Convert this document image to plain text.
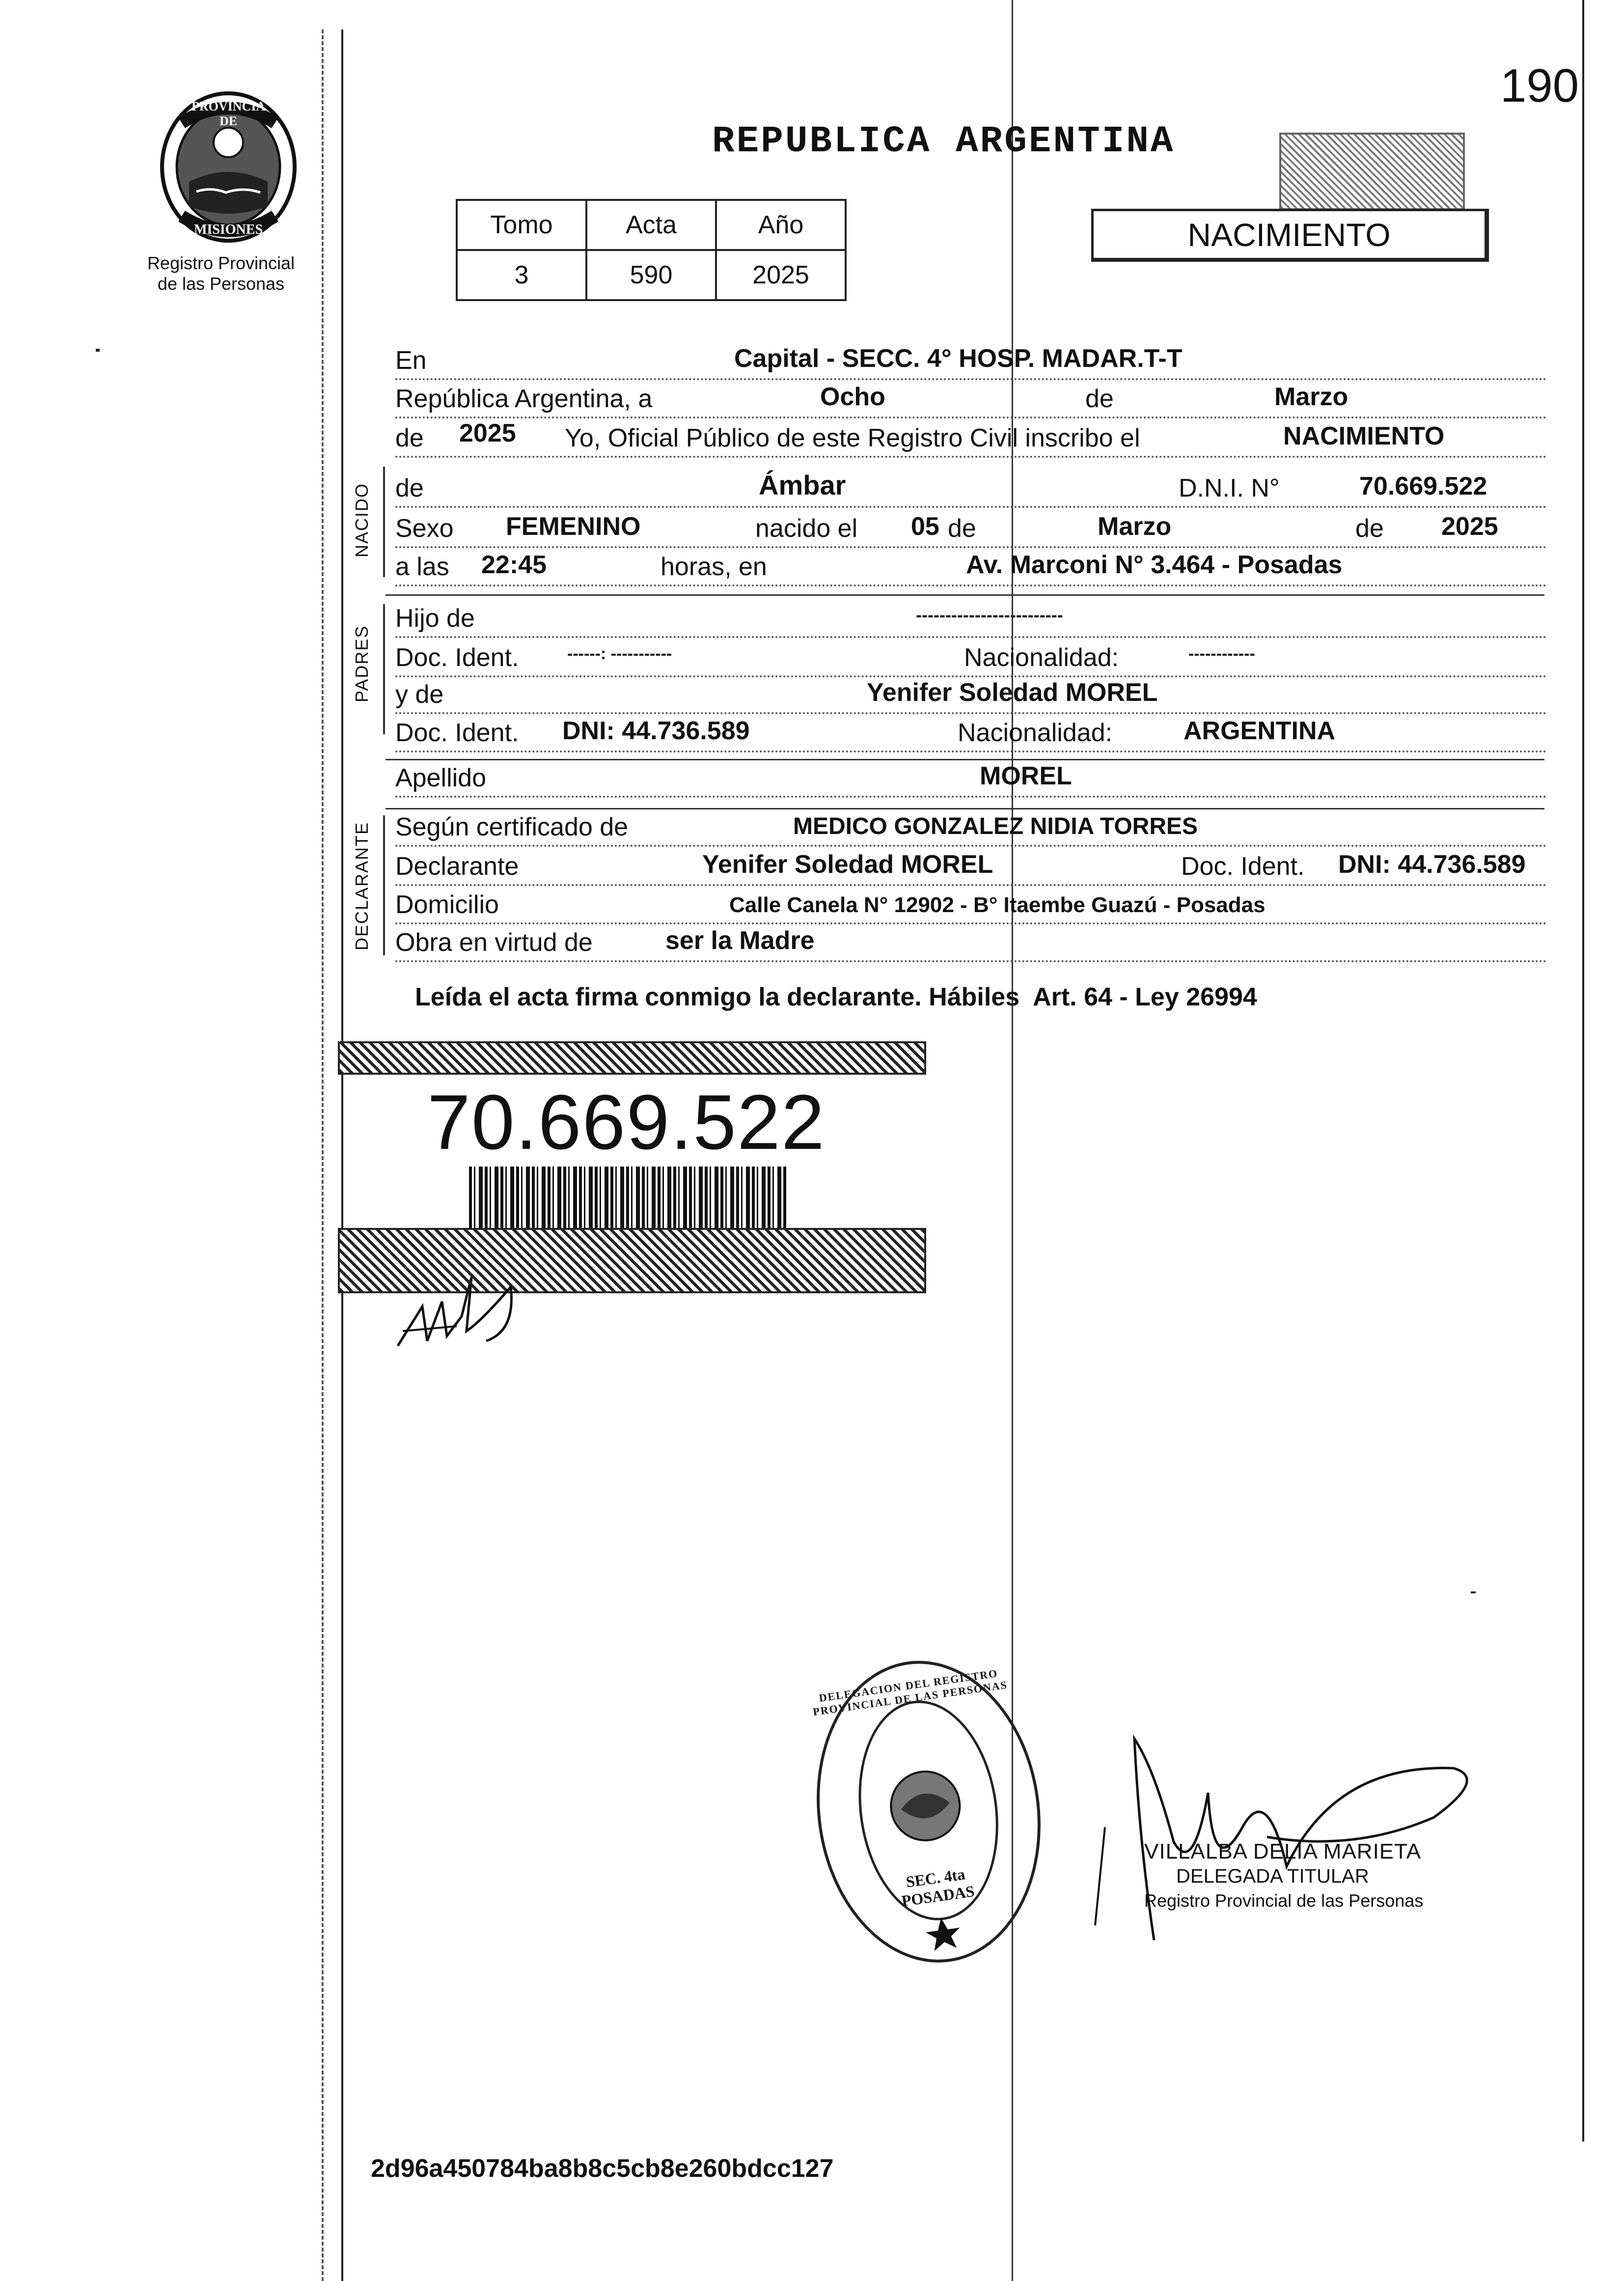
190
PROVINCIA DE
MISIONES
Registro Provincial
de las Personas
REPUBLICA ARGENTINA
Tomo	Acta	Año
3	590	2025
NACIMIENTO
En	Capital - SECC. 4° HOSP. MADAR.T-T
República Argentina, a	Ocho	de	Marzo
de 2025 Yo, Oficial Público de este Registro Civil inscribo el	NACIMIENTO
NACIDO de	Ámbar	D.N.I. N°	70.669.522
Sexo FEMENINO	nacido el 05 de	Marzo	de 2025
a las 22:45	horas, en	Av. Marconi N° 3.464 - Posadas
PADRES
Hijo de	-------------------------
Doc. Ident.	------: -----------	Nacionalidad:	------------
y de	Yenifer Soledad MOREL
Doc. Ident. DNI: 44.736.589	Nacionalidad:	ARGENTINA
Apellido	MOREL
DECLARANTE Según certificado de	MEDICO GONZALEZ NIDIA TORRES
Declarante	Yenifer Soledad MOREL	Doc. Ident. DNI: 44.736.589
Domicilio	Calle Canela N° 12902 - B° Itaembe Guazú - Posadas
Obra en virtud de	ser la Madre
Leída el acta firma conmigo la declarante. Hábiles  Art. 64 - Ley 26994
70.669.522
DELEGACION DEL REGISTRO PROVINCIAL DE LAS PERSONAS
SEC. 4ta POSADAS
VILLALBA DELIA MARIETA
DELEGADA TITULAR
Registro Provincial de las Personas
2d96a450784ba8b8c5cb8e260bdcc127
